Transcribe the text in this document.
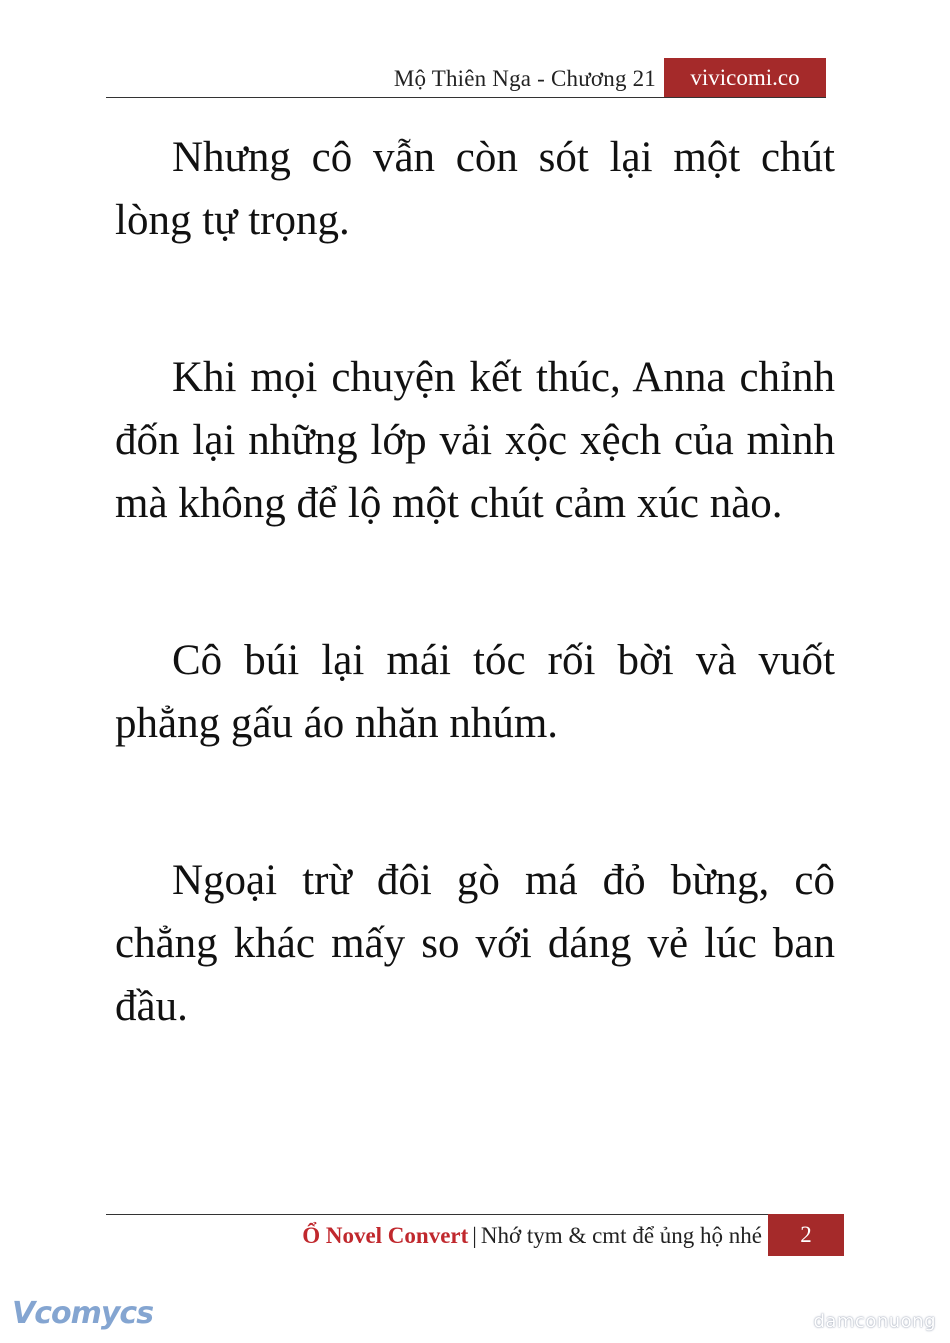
Mộ Thiên Nga - Chương 21	vivicomi.co

Nhưng cô vẫn còn sót lại một chút lòng tự trọng.

Khi mọi chuyện kết thúc, Anna chỉnh đốn lại những lớp vải xộc xệch của mình mà không để lộ một chút cảm xúc nào.

Cô búi lại mái tóc rối bời và vuốt phẳng gấu áo nhăn nhúm.

Ngoại trừ đôi gò má đỏ bừng, cô chẳng khác mấy so với dáng vẻ lúc ban đầu.

Ổ Novel Convert | Nhớ tym & cmt để ủng hộ nhé	2
Vcomycs	damconuong
